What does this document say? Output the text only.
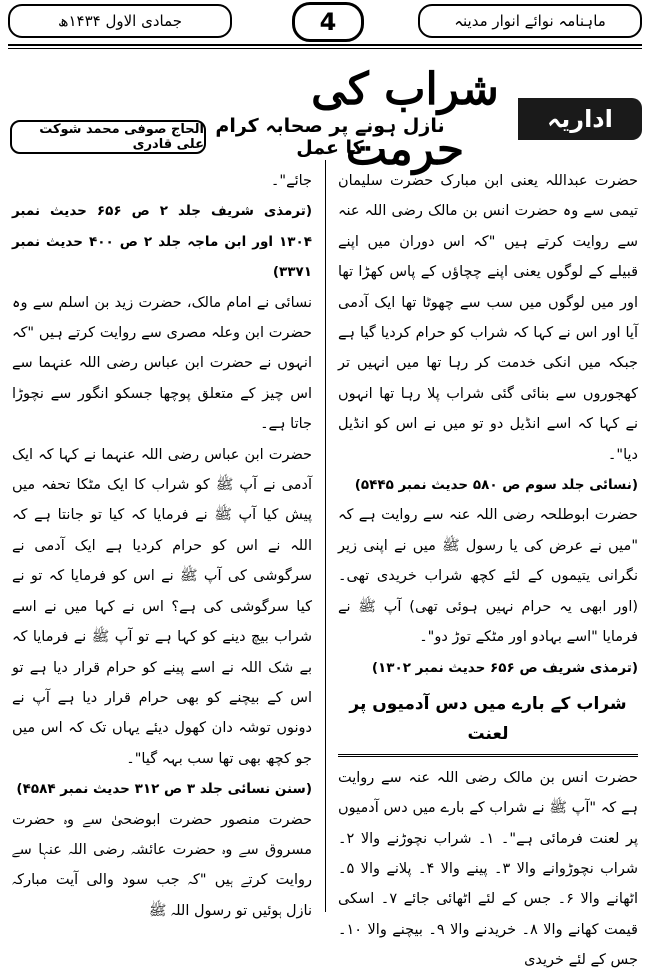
جمادی الاول ۱۴۳۴ھ	4	ماہنامہ نوائے انوار مدینہ
شراب کی حرمت
نازل ہونے پر صحابہ کرام کا عمل
اداریہ
الحاج صوفی محمد شوکت علی قادری

حضرت عبداللہ یعنی ابن مبارک حضرت سلیمان تیمی سے وہ حضرت انس بن مالک رضی اللہ عنہ سے روایت کرتے ہیں "کہ اس دوران میں اپنے قبیلے کے لوگوں یعنی اپنے چچاؤں کے پاس کھڑا تھا اور میں لوگوں میں سب سے چھوٹا تھا ایک آدمی آیا اور اس نے کہا کہ شراب کو حرام کردیا گیا ہے جبکہ میں انکی خدمت کر رہا تھا میں انہیں تر کھجوروں سے بنائی گئی شراب پلا رہا تھا انہوں نے کہا کہ اسے انڈیل دو تو میں نے اس کو انڈیل دیا"۔

(نسائی جلد سوم ص ۵۸۰ حدیث نمبر ۵۴۴۵)

حضرت ابوطلحہ رضی اللہ عنہ سے روایت ہے کہ "میں نے عرض کی یا رسول ﷺ میں نے اپنی زیر نگرانی یتیموں کے لئے کچھ شراب خریدی تھی۔ (اور ابھی یہ حرام نہیں ہوئی تھی) آپ ﷺ نے فرمایا "اسے بہادو اور مٹکے توڑ دو"۔

(ترمذی شریف ص ۶۵۶ حدیث نمبر ۱۳۰۲)

شراب کے بارے میں دس آدمیوں پر لعنت

حضرت انس بن مالک رضی اللہ عنہ سے روایت ہے کہ "آپ ﷺ نے شراب کے بارے میں دس آدمیوں پر لعنت فرمائی ہے"۔ ۱۔ شراب نچوڑنے والا ۲۔ شراب نچوڑوانے والا ۳۔ پینے والا ۴۔ پلانے والا ۵۔ اٹھانے والا ۶۔ جس کے لئے اٹھائی جائے ۷۔ اسکی قیمت کھانے والا ۸۔ خریدنے والا ۹۔ بیچنے والا ۱۰۔ جس کے لئے خریدی

جائے"۔

(ترمذی شریف جلد ۲ ص ۶۵۶ حدیث نمبر ۱۳۰۴ اور ابن ماجہ جلد ۲ ص ۴۰۰ حدیث نمبر ۳۳۷۱)

نسائی نے امام مالک، حضرت زید بن اسلم سے وہ حضرت ابن وعلہ مصری سے روایت کرتے ہیں "کہ انہوں نے حضرت ابن عباس رضی اللہ عنہما سے اس چیز کے متعلق پوچھا جسکو انگور سے نچوڑا جاتا ہے۔

حضرت ابن عباس رضی اللہ عنہما نے کہا کہ ایک آدمی نے آپ ﷺ کو شراب کا ایک مٹکا تحفہ میں پیش کیا آپ ﷺ نے فرمایا کہ کیا تو جانتا ہے کہ اللہ نے اس کو حرام کردیا ہے ایک آدمی نے سرگوشی کی آپ ﷺ نے اس کو فرمایا کہ تو نے کیا سرگوشی کی ہے؟ اس نے کہا میں نے اسے شراب بیچ دینے کو کہا ہے تو آپ ﷺ نے فرمایا کہ بے شک اللہ نے اسے پینے کو حرام قرار دیا ہے تو اس کے بیچنے کو بھی حرام قرار دیا ہے آپ نے دونوں توشہ دان کھول دیئے یہاں تک کہ اس میں جو کچھ بھی تھا سب بہہ گیا"۔

(سنن نسائی جلد ۳ ص ۳۱۲ حدیث نمبر ۴۵۸۴)

حضرت منصور حضرت ابوضحیٰ سے وہ حضرت مسروق سے وہ حضرت عائشہ رضی اللہ عنہا سے روایت کرتے ہیں "کہ جب سود والی آیت مبارکہ نازل ہوئیں تو رسول اللہ ﷺ
